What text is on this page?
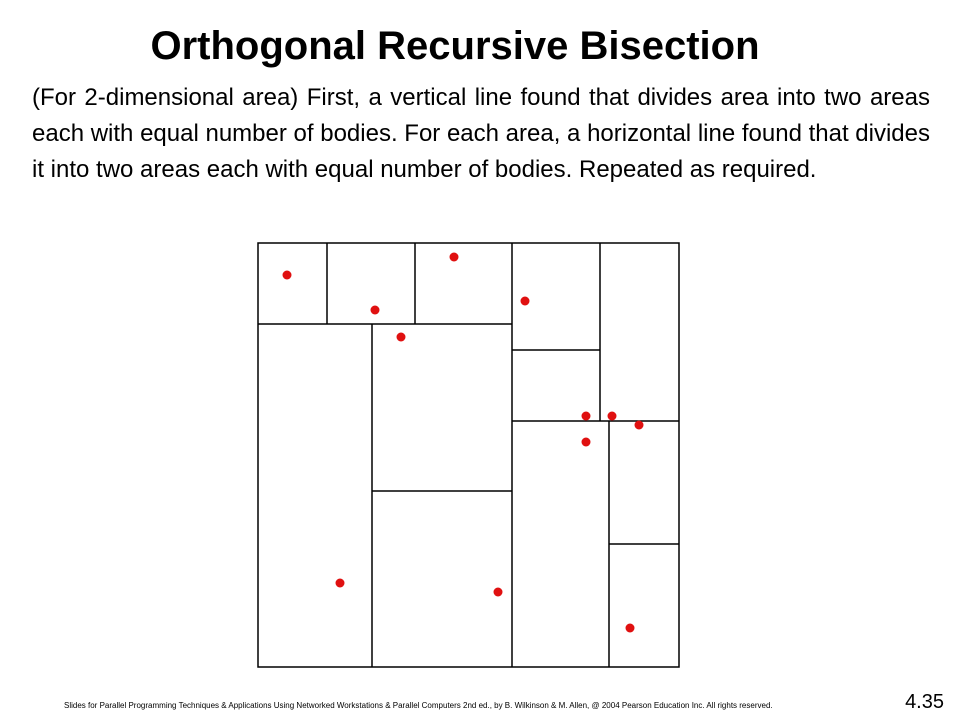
Orthogonal Recursive Bisection

(For 2-dimensional area) First, a vertical line found that divides area into two areas each with equal number of bodies. For each area, a horizontal line found that divides it into two areas each with equal number of bodies. Repeated as required.

Slides for Parallel Programming Techniques & Applications Using Networked Workstations & Parallel Computers 2nd ed., by B. Wilkinson & M. Allen, @ 2004 Pearson Education Inc. All rights reserved.	4.35
